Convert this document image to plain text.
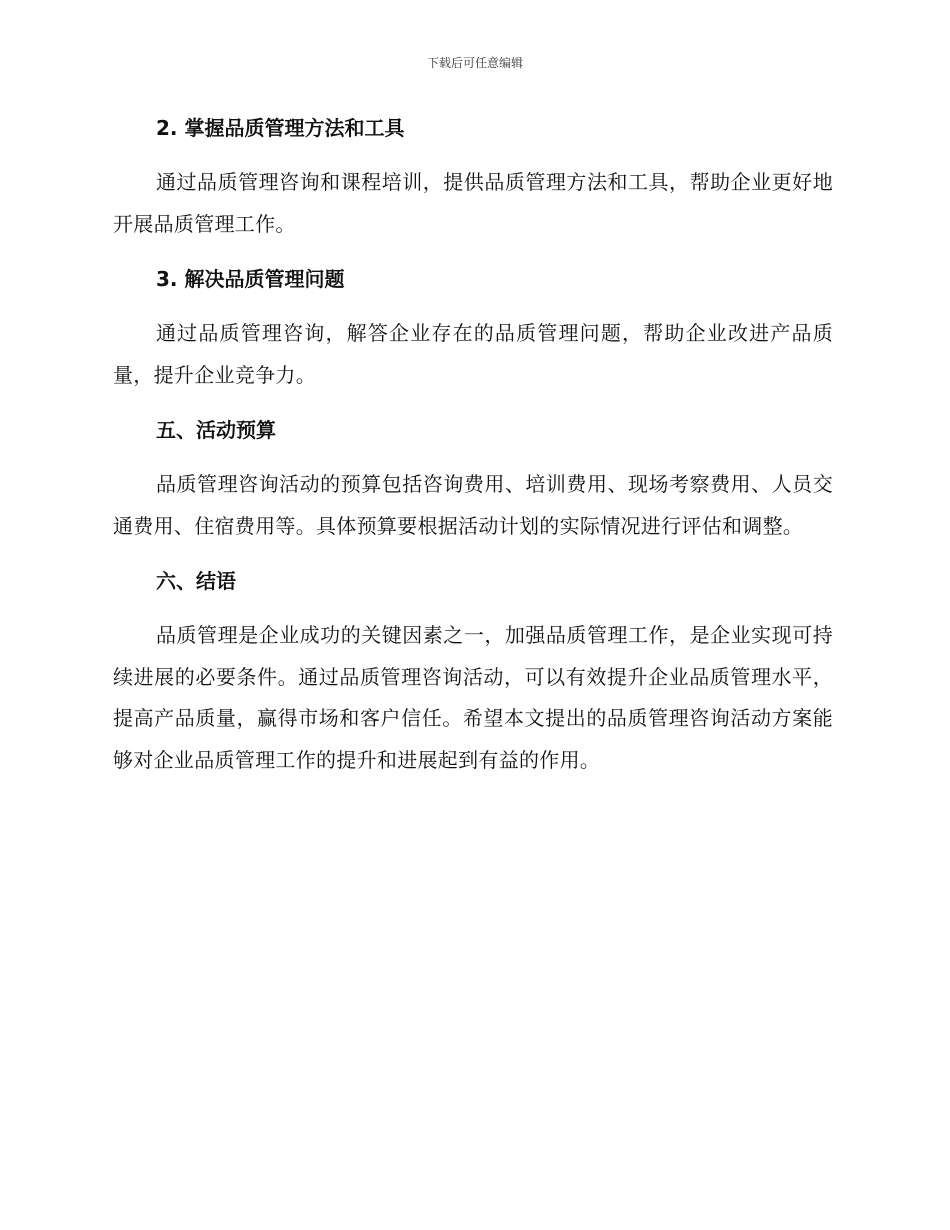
下载后可任意编辑
2. 掌握品质管理方法和工具

通过品质管理咨询和课程培训，提供品质管理方法和工具，帮助企业更好地开展品质管理工作。

3. 解决品质管理问题

通过品质管理咨询，解答企业存在的品质管理问题，帮助企业改进产品质量，提升企业竞争力。

五、活动预算

品质管理咨询活动的预算包括咨询费用、培训费用、现场考察费用、人员交通费用、住宿费用等。具体预算要根据活动计划的实际情况进行评估和调整。

六、结语

品质管理是企业成功的关键因素之一，加强品质管理工作，是企业实现可持续进展的必要条件。通过品质管理咨询活动，可以有效提升企业品质管理水平，提高产品质量，赢得市场和客户信任。希望本文提出的品质管理咨询活动方案能够对企业品质管理工作的提升和进展起到有益的作用。
